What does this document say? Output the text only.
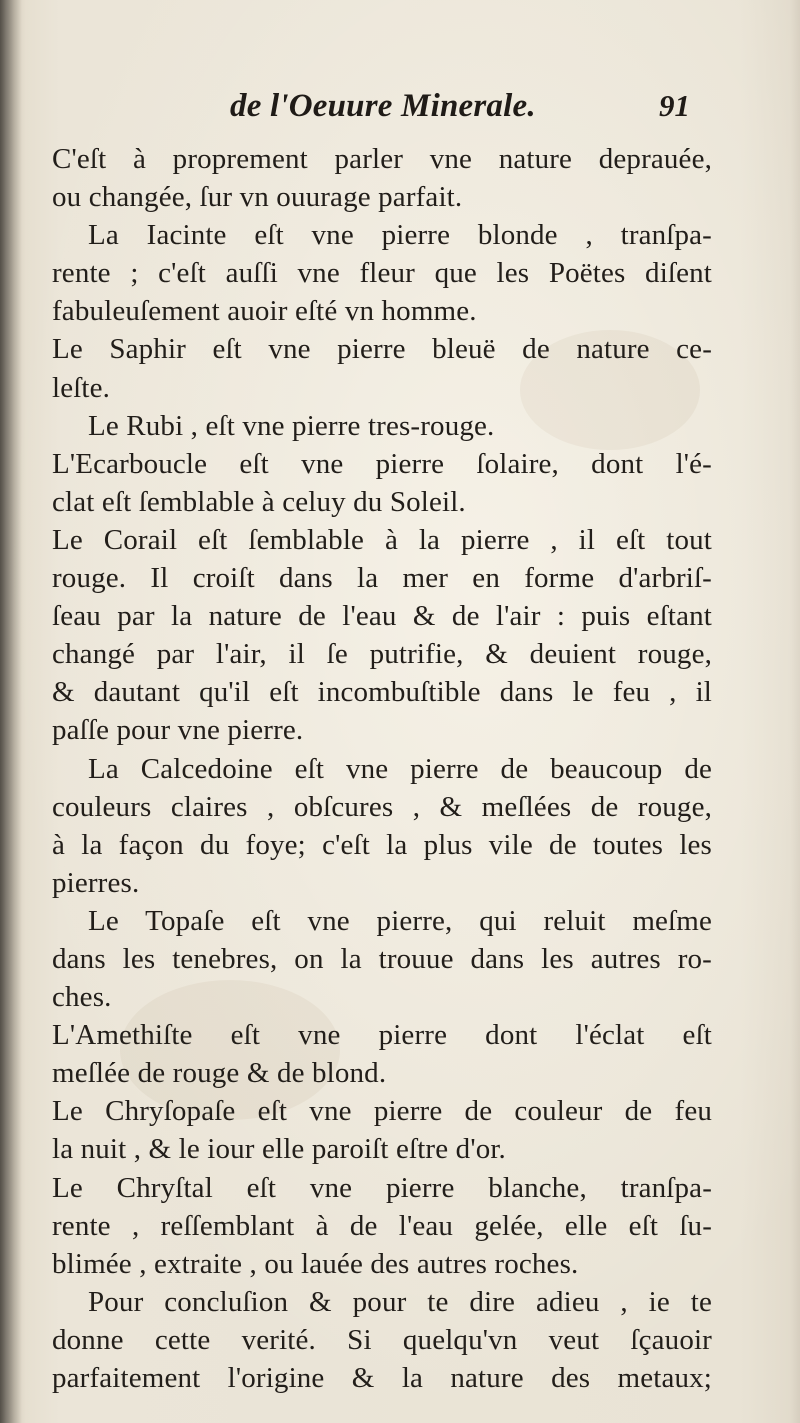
de l'Oeuure Minerale.	91
C'eſt à proprement parler vne nature deprauée,
ou changée, ſur vn ouurage parfait.
La Iacinte eſt vne pierre blonde , tranſpa-
rente ; c'eſt auſſi vne fleur que les Poëtes diſent
fabuleuſement auoir eſté vn homme.
Le Saphir eſt vne pierre bleuë de nature ce-
leſte.
Le Rubi , eſt vne pierre tres-rouge.
L'Ecarboucle eſt vne pierre ſolaire, dont l'é-
clat eſt ſemblable à celuy du Soleil.
Le Corail eſt ſemblable à la pierre , il eſt tout
rouge. Il croiſt dans la mer en forme d'arbriſ-
ſeau par la nature de l'eau & de l'air : puis eſtant
changé par l'air, il ſe putrifie, & deuient rouge,
& dautant qu'il eſt incombuſtible dans le feu , il
paſſe pour vne pierre.
La Calcedoine eſt vne pierre de beaucoup de
couleurs claires , obſcures , & meſlées de rouge,
à la façon du foye; c'eſt la plus vile de toutes les
pierres.
Le Topaſe eſt vne pierre, qui reluit meſme
dans les tenebres, on la trouue dans les autres ro-
ches.
L'Amethiſte eſt vne pierre dont l'éclat eſt
meſlée de rouge & de blond.
Le Chryſopaſe eſt vne pierre de couleur de feu
la nuit , & le iour elle paroiſt eſtre d'or.
Le Chryſtal eſt vne pierre blanche, tranſpa-
rente , reſſemblant à de l'eau gelée, elle eſt ſu-
blimée , extraite , ou lauée des autres roches.
Pour concluſion & pour te dire adieu , ie te
donne cette verité. Si quelqu'vn veut ſçauoir
parfaitement l'origine & la nature des metaux;
